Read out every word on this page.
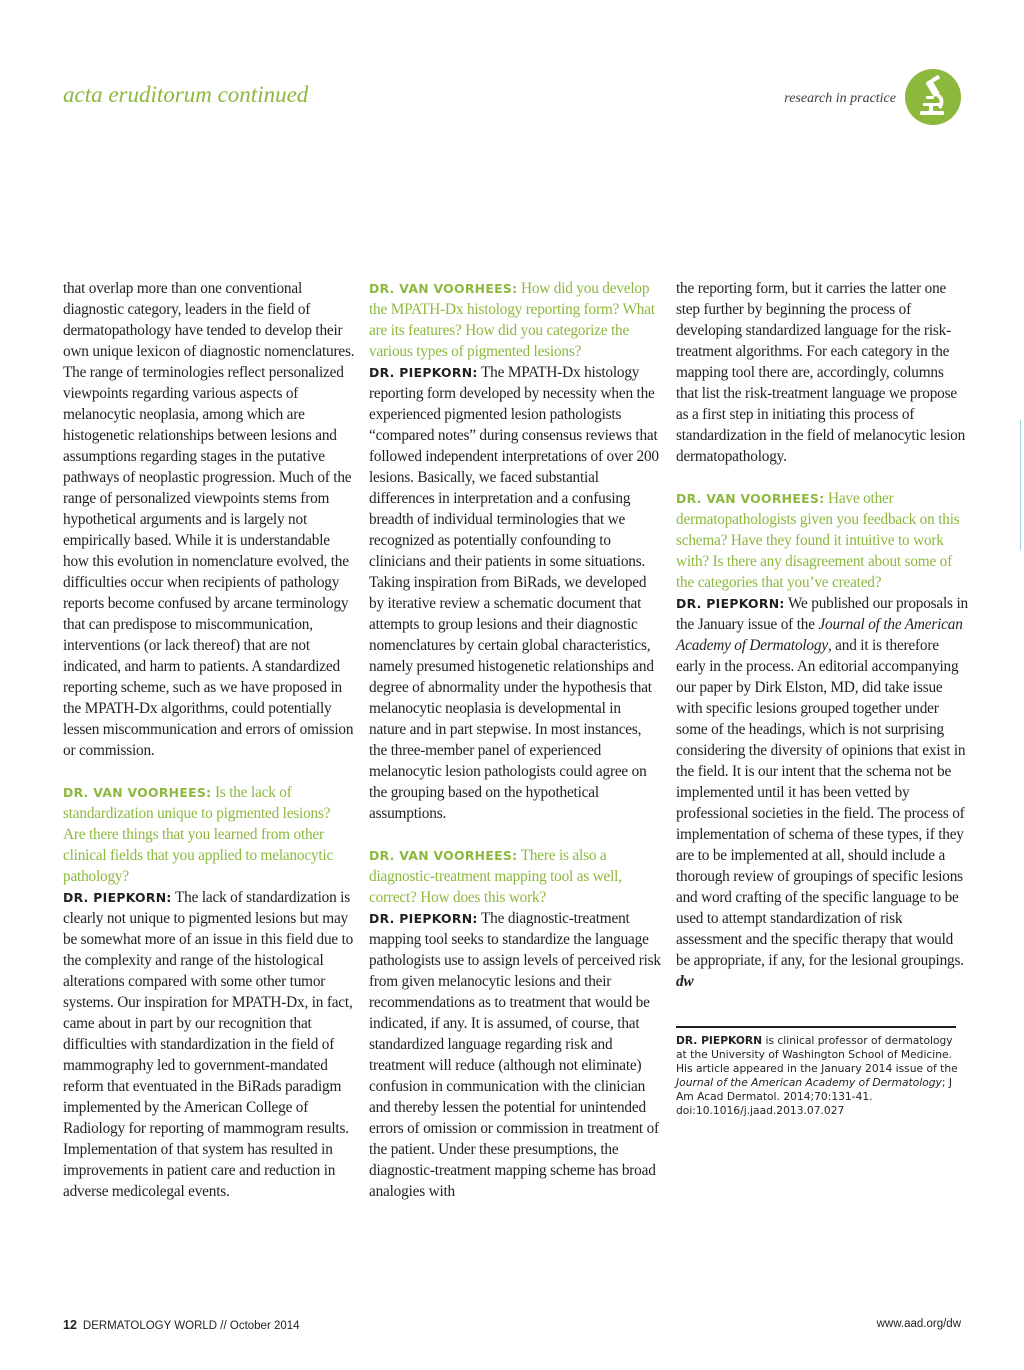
acta eruditorum continued	research in practice

that overlap more than one conventional diagnostic category, leaders in the field of dermatopathology have tended to develop their own unique lexicon of diagnostic nomenclatures. The range of terminologies reflect personalized viewpoints regarding various aspects of melanocytic neoplasia, among which are histogenetic relationships between lesions and assumptions regarding stages in the putative pathways of neoplastic progression. Much of the range of personalized viewpoints stems from hypothetical arguments and is largely not empirically based. While it is understandable how this evolution in nomenclature evolved, the difficulties occur when recipients of pathology reports become confused by arcane terminology that can predispose to miscommunication, interventions (or lack thereof) that are not indicated, and harm to patients. A standardized reporting scheme, such as we have proposed in the MPATH-Dx algorithms, could potentially lessen miscommunication and errors of omission or commission.

DR. VAN VOORHEES: Is the lack of standardization unique to pigmented lesions? Are there things that you learned from other clinical fields that you applied to melanocytic pathology?

DR. PIEPKORN: The lack of standardization is clearly not unique to pigmented lesions but may be somewhat more of an issue in this field due to the complexity and range of the histological alterations compared with some other tumor systems. Our inspiration for MPATH-Dx, in fact, came about in part by our recognition that difficulties with standardization in the field of mammography led to government-mandated reform that eventuated in the BiRads paradigm implemented by the American College of Radiology for reporting of mammogram results. Implementation of that system has resulted in improvements in patient care and reduction in adverse medicolegal events.

DR. VAN VOORHEES: How did you develop the MPATH-Dx histology reporting form? What are its features? How did you categorize the various types of pigmented lesions?

DR. PIEPKORN: The MPATH-Dx histology reporting form developed by necessity when the experienced pigmented lesion pathologists “compared notes” during consensus reviews that followed independent interpretations of over 200 lesions. Basically, we faced substantial differences in interpretation and a confusing breadth of individual terminologies that we recognized as potentially confounding to clinicians and their patients in some situations. Taking inspiration from BiRads, we developed by iterative review a schematic document that attempts to group lesions and their diagnostic nomenclatures by certain global characteristics, namely presumed histogenetic relationships and degree of abnormality under the hypothesis that melanocytic neoplasia is developmental in nature and in part stepwise. In most instances, the three-member panel of experienced melanocytic lesion pathologists could agree on the grouping based on the hypothetical assumptions.

DR. VAN VOORHEES: There is also a diagnostic-treatment mapping tool as well, correct? How does this work?

DR. PIEPKORN: The diagnostic-treatment mapping tool seeks to standardize the language pathologists use to assign levels of perceived risk from given melanocytic lesions and their recommendations as to treatment that would be indicated, if any. It is assumed, of course, that standardized language regarding risk and treatment will reduce (although not eliminate) confusion in communication with the clinician and thereby lessen the potential for unintended errors of omission or commission in treatment of the patient. Under these presumptions, the diagnostic-treatment mapping scheme has broad analogies with

the reporting form, but it carries the latter one step further by beginning the process of developing standardized language for the risk-treatment algorithms. For each category in the mapping tool there are, accordingly, columns that list the risk-treatment language we propose as a first step in initiating this process of standardization in the field of melanocytic lesion dermatopathology.

DR. VAN VOORHEES: Have other dermatopathologists given you feedback on this schema? Have they found it intuitive to work with? Is there any disagreement about some of the categories that you’ve created?

DR. PIEPKORN: We published our proposals in the January issue of the Journal of the American Academy of Dermatology, and it is therefore early in the process. An editorial accompanying our paper by Dirk Elston, MD, did take issue with specific lesions grouped together under some of the headings, which is not surprising considering the diversity of opinions that exist in the field. It is our intent that the schema not be implemented until it has been vetted by professional societies in the field. The process of implementation of schema of these types, if they are to be implemented at all, should include a thorough review of groupings of specific lesions and word crafting of the specific language to be used to attempt standardization of risk assessment and the specific therapy that would be appropriate, if any, for the lesional groupings. dw

DR. PIEPKORN is clinical professor of dermatology at the University of Washington School of Medicine. His article appeared in the January 2014 issue of the Journal of the American Academy of Dermatology; J Am Acad Dermatol. 2014;70:131-41. doi:10.1016/j.jaad.2013.07.027
12 DERMATOLOGY WORLD // October 2014	www.aad.org/dw
